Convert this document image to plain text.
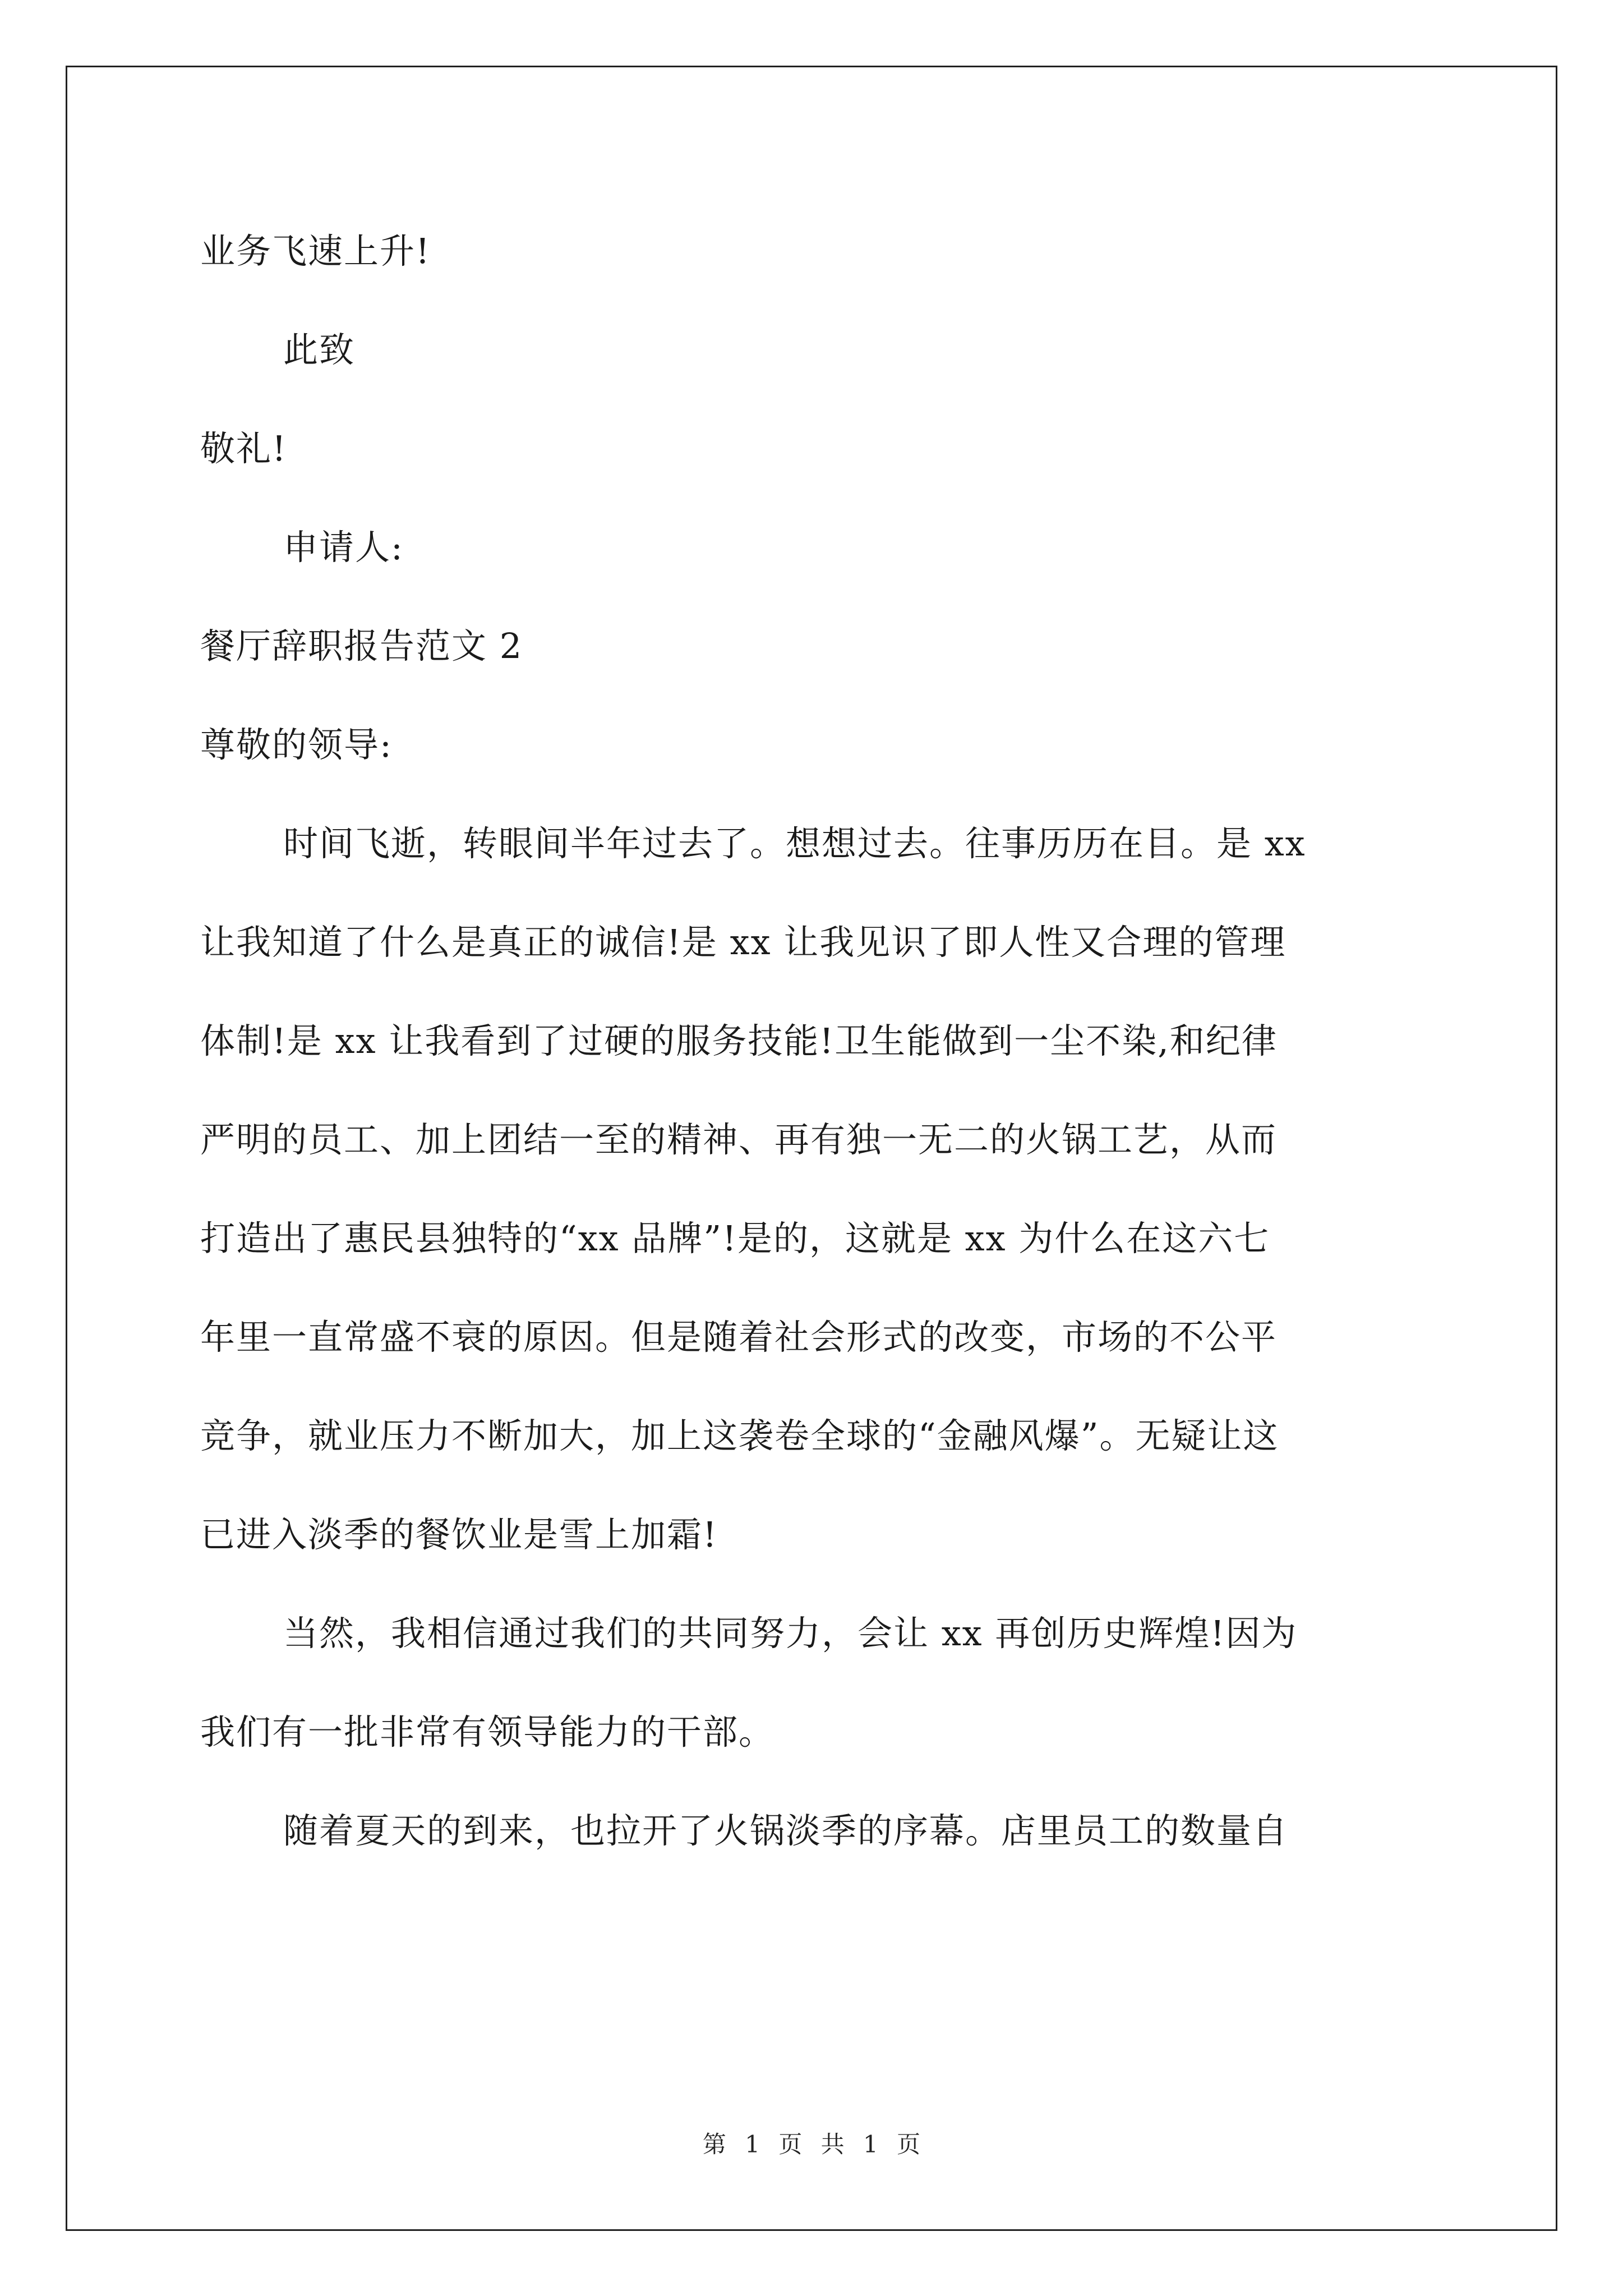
业务飞速上升!
此致
敬礼!
申请人:
餐厅辞职报告范文 2
尊敬的领导:
时间飞逝，转眼间半年过去了。想想过去。往事历历在目。是 xx
让我知道了什么是真正的诚信!是 xx 让我见识了即人性又合理的管理
体制!是 xx 让我看到了过硬的服务技能!卫生能做到一尘不染,和纪律
严明的员工、加上团结一至的精神、再有独一无二的火锅工艺，从而
打造出了惠民县独特的“xx 品牌”!是的，这就是 xx 为什么在这六七
年里一直常盛不衰的原因。但是随着社会形式的改变，市场的不公平
竞争，就业压力不断加大，加上这袭卷全球的“金融风爆”。无疑让这
已进入淡季的餐饮业是雪上加霜!
当然，我相信通过我们的共同努力，会让 xx 再创历史辉煌!因为
我们有一批非常有领导能力的干部。
随着夏天的到来，也拉开了火锅淡季的序幕。店里员工的数量自
第 1 页 共 1 页
